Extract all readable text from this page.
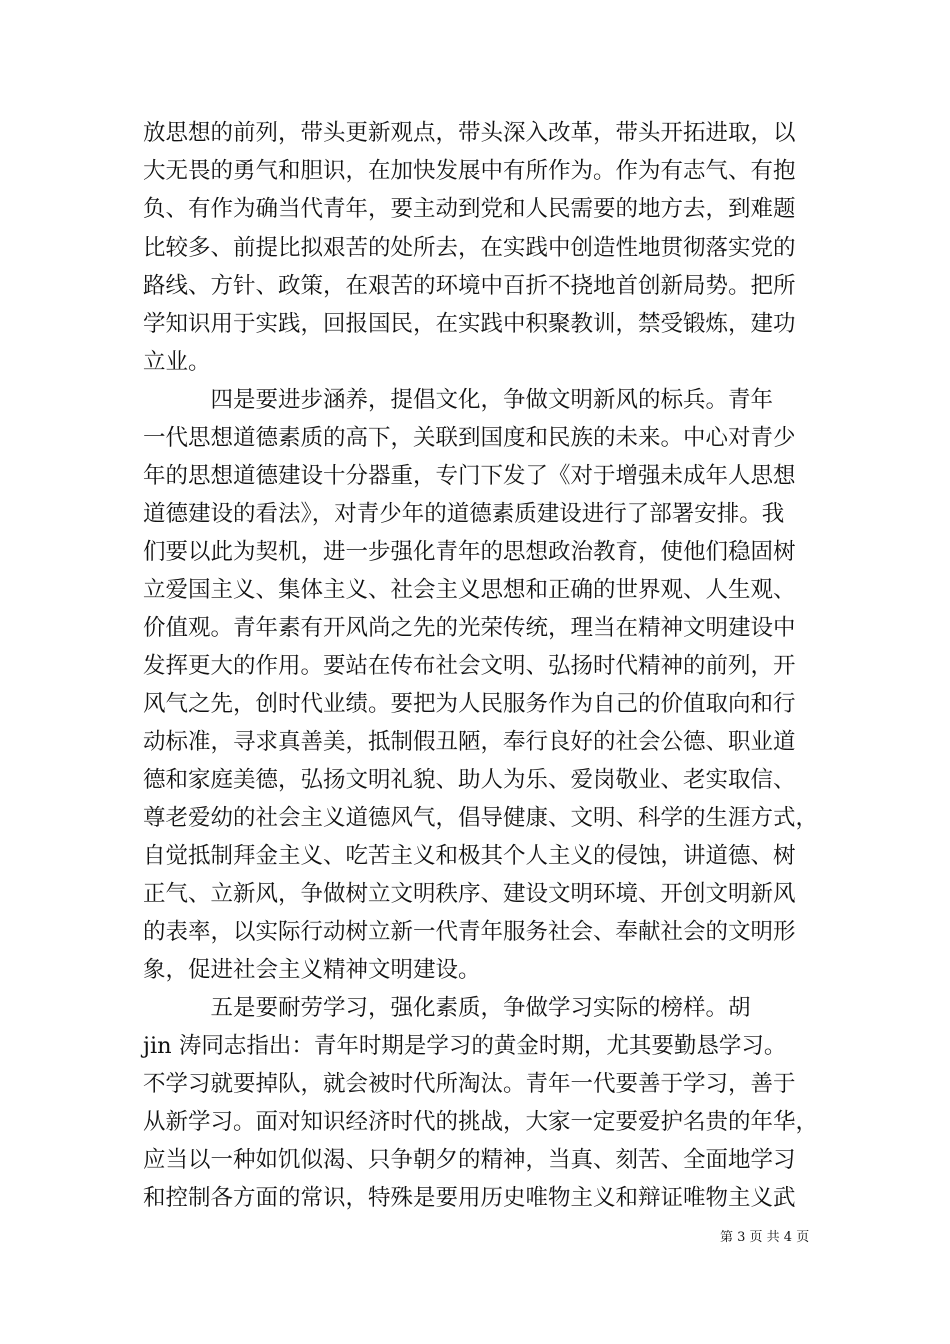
放思想的前列，带头更新观点，带头深入改革，带头开拓进取，以
大无畏的勇气和胆识，在加快发展中有所作为。作为有志气、有抱
负、有作为确当代青年，要主动到党和人民需要的地方去，到难题
比较多、前提比拟艰苦的处所去，在实践中创造性地贯彻落实党的
路线、方针、政策，在艰苦的环境中百折不挠地首创新局势。把所
学知识用于实践，回报国民，在实践中积聚教训，禁受锻炼，建功
立业。
　　　四是要进步涵养，提倡文化，争做文明新风的标兵。青年
一代思想道德素质的高下，关联到国度和民族的未来。中心对青少
年的思想道德建设十分器重，专门下发了《对于增强未成年人思想
道德建设的看法》，对青少年的道德素质建设进行了部署安排。我
们要以此为契机，进一步强化青年的思想政治教育，使他们稳固树
立爱国主义、集体主义、社会主义思想和正确的世界观、人生观、
价值观。青年素有开风尚之先的光荣传统，理当在精神文明建设中
发挥更大的作用。要站在传布社会文明、弘扬时代精神的前列，开
风气之先，创时代业绩。要把为人民服务作为自己的价值取向和行
动标准，寻求真善美，抵制假丑陋，奉行良好的社会公德、职业道
德和家庭美德，弘扬文明礼貌、助人为乐、爱岗敬业、老实取信、
尊老爱幼的社会主义道德风气，倡导健康、文明、科学的生涯方式，
自觉抵制拜金主义、吃苦主义和极其个人主义的侵蚀，讲道德、树
正气、立新风，争做树立文明秩序、建设文明环境、开创文明新风
的表率，以实际行动树立新一代青年服务社会、奉献社会的文明形
象，促进社会主义精神文明建设。
　　　五是要耐劳学习，强化素质，争做学习实际的榜样。胡
jin 涛同志指出：青年时期是学习的黄金时期，尤其要勤恳学习。
不学习就要掉队，就会被时代所淘汰。青年一代要善于学习，善于
从新学习。面对知识经济时代的挑战，大家一定要爱护名贵的年华，
应当以一种如饥似渴、只争朝夕的精神，当真、刻苦、全面地学习
和控制各方面的常识，特殊是要用历史唯物主义和辩证唯物主义武
第 3 页 共 4 页
